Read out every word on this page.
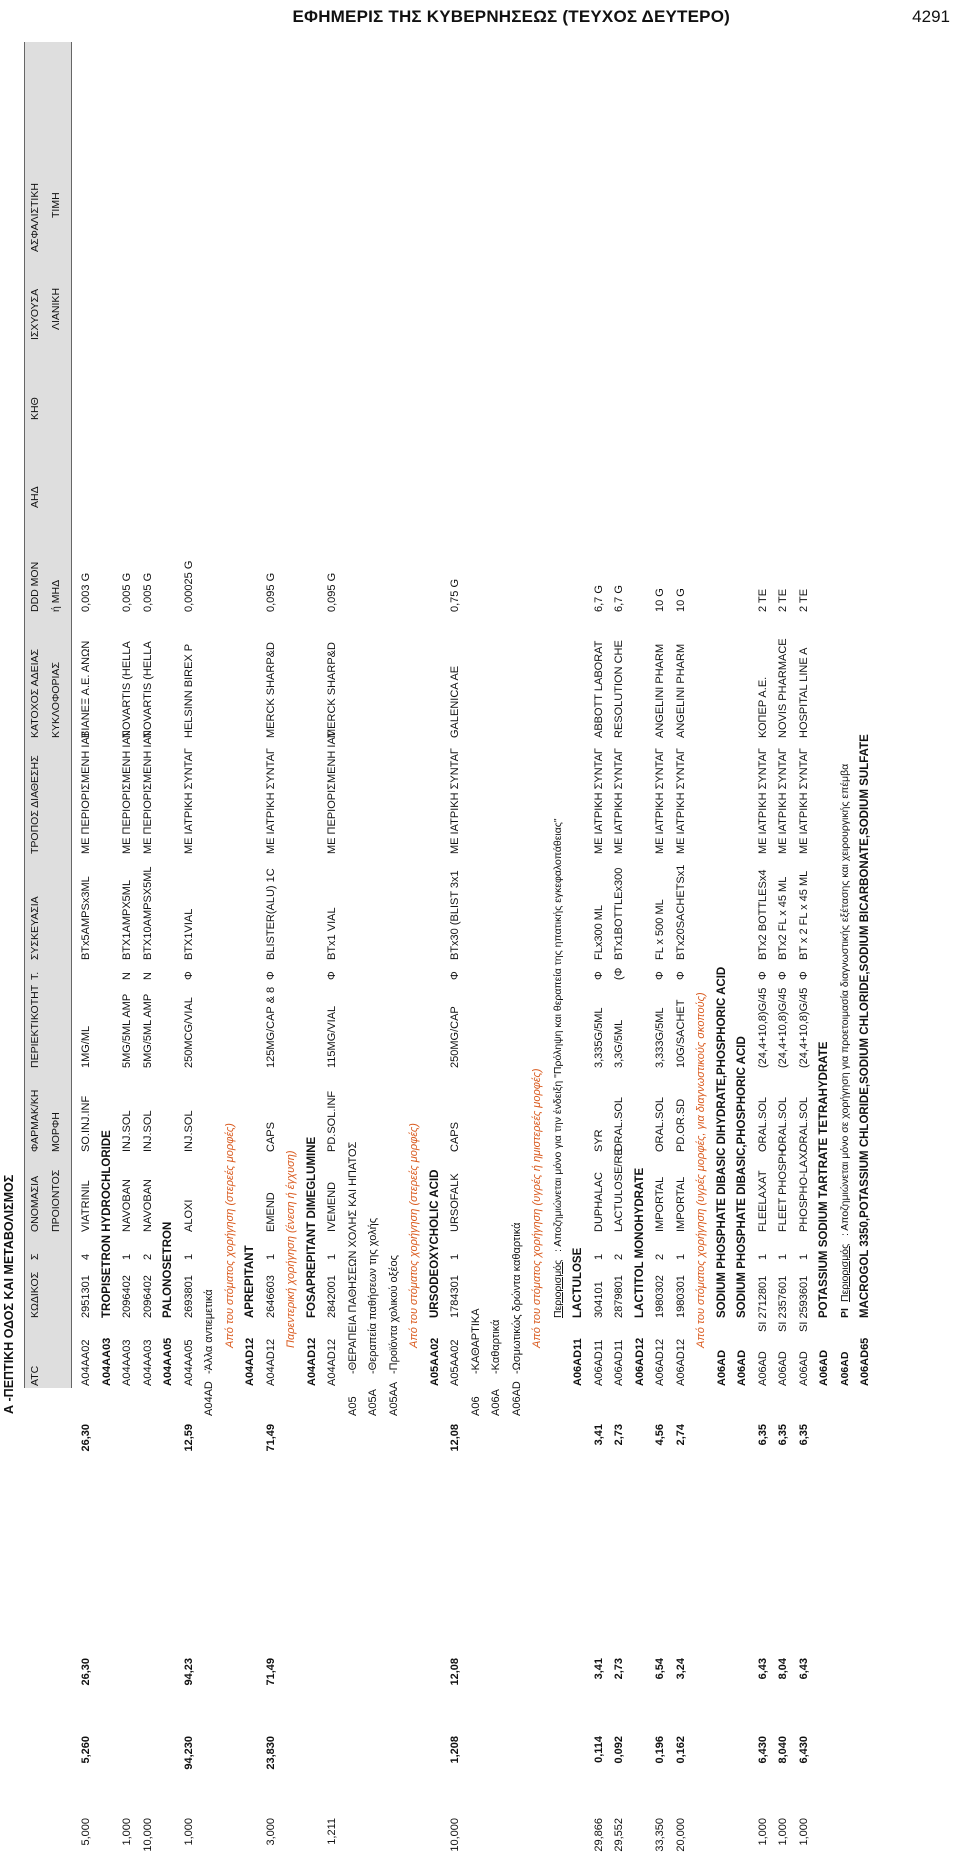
ΕΦΗΜΕΡΙΣ ΤΗΣ ΚΥΒΕΡΝΗΣΕΩΣ (ΤΕΥΧΟΣ ΔΕΥΤΕΡΟ)	4291
Α -ΠΕΠΤΙΚΗ ΟΔΟΣ ΚΑΙ ΜΕΤΑΒΟΛΙΣΜΟΣ ATC
ΚΩΔΙΚΟΣ
Σ
ΟΝΟΜΑΣΙΑ ΠΡΟΙΟΝΤΟΣ
ΦΑΡΜΑΚ/ΚΗ ΜΟΡΦΗ
ΠΕΡΙΕΚΤΙΚΟΤΗΤ
Τ.
ΣΥΣΚΕΥΑΣΙΑ
ΤΡΟΠΟΣ ΔΙΑΘΕΣΗΣ
ΚΑΤΟΧΟΣ ΑΔΕΙΑΣ ΚΥΚΛΟΦΟΡΙΑΣ
DDD ΜΟΝ ή ΜΗΔ
ΑΗΔ
ΚΗΘ
ΙΣΧΥΟΥΣΑ ΛΙΑΝΙΚΗ
ΑΣΦΑΛΙΣΤΙΚΗ ΤΙΜΗ
A04AA02
2951301
4
VIATRINIL
SO.INJ.INF
1MG/ML
BTx5AMPSx3ML
ME ΠΕΡΙΟΡΙΣΜΕΝΗ ΙΑΤ
ΒΙΑΝΕΞ Α.Ε. ΑΝΩΝ
0,003 G
5,000
5,260
26,30
26,30
A04AA03
TROPISETRON HYDROCHLORIDE
A04AA03
2096402
1
NAVOBAN
INJ.SOL
5MG/5ML AMP
N
BTX1AMPX5ML
ME ΠΕΡΙΟΡΙΣΜΕΝΗ ΙΑΤ
NOVARTIS (HELLA
0,005 G
1,000
A04AA03
2096402
2
NAVOBAN
INJ.SOL
5MG/5ML AMP
N
BTX10AMPSX5ML
ME ΠΕΡΙΟΡΙΣΜΕΝΗ ΙΑΤ
NOVARTIS (HELLA
0,005 G
10,000
A04AA05
PALONOSETRON
A04AA05
2693801
1
ALOXI
INJ.SOL
250MCG/VIAL
Φ
BTX1VIAL
ME ΙΑΤΡΙΚΗ ΣΥΝΤΑΓ
HELSINN BIREX P
0,00025 G
1,000
94,230
94,23
12,59
A04AD
-Άλλα αντιεμετικά Από του στόματος χορήγηση (στερεές μορφές)
A04AD12
APREPITANT
A04AD12
2646603
1
EMEND
CAPS
125MG/CAP & 8
Φ
BLISTER(ALU) 1C
ME ΙΑΤΡΙΚΗ ΣΥΝΤΑΓ
MERCK SHARP&D
0,095 G
3,000
23,830
71,49
71,49
Παρεντερική χορήγηση (ένεση ή έγχυση)
A04AD12
FOSAPREPITANT DIMEGLUMINE
A04AD12
2842001
1
IVEMEND
PD.SOL.INF
115MG/VIAL
Φ
BTx1 VIAL
ME ΠΕΡΙΟΡΙΣΜΕΝΗ ΙΑΤ
MERCK SHARP&D
0,095 G
1,211
A05
-ΘΕΡΑΠΕΙΑ ΠΑΘΗΣΕΩΝ ΧΟΛΗΣ ΚΑΙ ΗΠΑΤΟΣ
A05A
-Θεραπεία παθήσεων της χολής
A05AA
-Προϊόντα χολικού οξέος Από του στόματος χορήγηση (στερεές μορφές)
A05AA02
URSODEOXYCHOLIC ACID
A05AA02
1784301
1
URSOFALK
CAPS
250MG/CAP
Φ
BTx30 (BLIST 3x1
ME ΙΑΤΡΙΚΗ ΣΥΝΤΑΓ
GALENICA AE
0,75 G
10,000
1,208
12,08
12,08
A06
-ΚΑΘΑΡΤΙΚΑ
A06A
-Καθαρτικά
A06AD
-Ωσμωτικώς δρώντα καθαρτικά Από του στόματος χορήγηση (υγρές ή ημιστερεές μορφές) Περιορισμός
: Αποζημιώνεται μόνο για την ένδειξη "Πρόληψη και θεραπεία της ηπατικής εγκεφαλοπάθειας"
A06AD11
LACTULOSE
A06AD11
304101
1
DUPHALAC
SYR
3,335G/5ML
Φ
FLx300 ML
ME ΙΑΤΡΙΚΗ ΣΥΝΤΑΓ
ABBOTT LABORAT
6,7 G
29,866
0,114
3,41
3,41
A06AD11
2879801
2
LACTULOSE/RE
ORAL.SOL
3,3G/5ML
(Φ
BTx1BOTTLEx300
ME ΙΑΤΡΙΚΗ ΣΥΝΤΑΓ
RESOLUTION CHE
6,7 G
29,552
0,092
2,73
2,73
A06AD12
LACTITOL MONOHYDRATE
A06AD12
1980302
2
IMPORTAL
ORAL.SOL
3,333G/5ML
Φ
FL x 500 ML
ME ΙΑΤΡΙΚΗ ΣΥΝΤΑΓ
ANGELINI PHARM
10 G
33,350
0,196
6,54
4,56
A06AD12
1980301
1
IMPORTAL
PD.OR.SD
10G/SACHET
Φ
BTx20SACHETSx1
ME ΙΑΤΡΙΚΗ ΣΥΝΤΑΓ
ANGELINI PHARM
10 G
20,000
0,162
3,24
2,74
Από του στόματος χορήγηση (υγρές μορφές, για διαγνωστικούς σκοπούς)
A06AD
SODIUM PHOSPHATE DIBASIC DIHYDRATE,PHOSPHORIC ACID
A06AD
SODIUM PHOSPHATE DIBASIC,PHOSPHORIC ACID
A06AD
SI 2712801
1
FLEELAXAT
ORAL.SOL
(24,4+10,8)G/45
Φ
BTx2 BOTTLESx4
ME ΙΑΤΡΙΚΗ ΣΥΝΤΑΓ
ΚΟΠΕΡ Α.Ε.
2 TE
1,000
6,430
6,43
6,35
A06AD
SI 2357601
1
FLEET PHOSPH
ORAL.SOL
(24,4+10,8)G/45
Φ
BTx2 FL x 45 ML
ME ΙΑΤΡΙΚΗ ΣΥΝΤΑΓ
NOVIS PHARMACE
2 TE
1,000
8,040
8,04
6,35
A06AD
SI 2593601
1
PHOSPHO-LAX/
ORAL.SOL
(24,4+10,8)G/45
Φ
BT x 2 FL x 45 ML
ME ΙΑΤΡΙΚΗ ΣΥΝΤΑΓ
HOSPITAL LINE A
2 TE
1,000
6,430
6,43
6,35
A06AD
POTASSIUM SODIUM TARTRATE TETRAHYDRATE
A06AD
PI
Περιορισμός
: Αποζημιώνεται μόνο σε χορήγηση για προετοιμασία διαγνωστικής εξέτασης και χειρουργικής επέμβα
A06AD65
MACROGOL 3350,POTASSIUM CHLORIDE,SODIUM CHLORIDE,SODIUM BICARBONATE,SODIUM SULFATE
